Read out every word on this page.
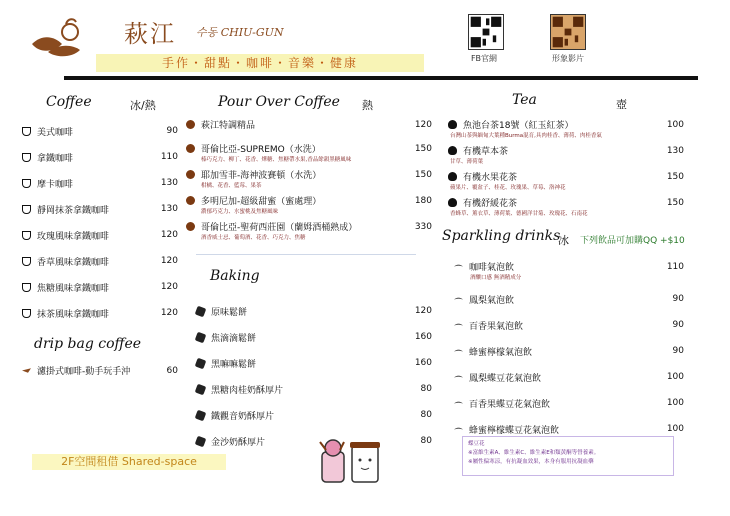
萩江 수동 CHIU-GUN
手作・甜點・咖啡・音樂・健康	FB官網	形象影片
Coffee	冰/熱
美式咖啡	90
拿鐵咖啡	110
摩卡咖啡	130
靜岡抹茶拿鐵咖啡	130
玫瑰風味拿鐵咖啡	120
香草風味拿鐵咖啡	120
焦糖風味拿鐵咖啡	120
抹茶風味拿鐵咖啡	120
drip bag coffee
濾掛式咖啡-動手玩手沖	60
2F空間租借 Shared-space
Pour Over Coffee 熱
萩江特調精品	120
哥倫比亞-SUPREMO（水洗）	150
榛巧克力、柳丁、花香、燁糖、焦糖帶水果,香品餘韻黑糖風味
耶加雪菲-海神波賽頓（水洗）	150
柑橘、花香、藍莓、果茶
多明尼加-超級甜蜜（蜜處理）	180
濃郁巧克力、水蜜桃及焦糖風味
哥倫比亞-聖荷西莊園（蘭姆酒桶熟成）	330
酒香威士忌、葡萄酒、花香、巧克力、焦糖
Baking
原味鬆餅	120
焦滴滴鬆餅	160
黑嘛嘛鬆餅	160
黑糖肉桂奶酥厚片	80
鐵觀音奶酥厚片	80
金沙奶酥厚片	80
Tea	壺
魚池台茶18號（紅玉紅茶）	100
台灣山茶與緬甸大葉種Burma混育,具肉桂香、薄荷、肉桂香氣
有機草本茶	130
甘草、薄荷葉
有機水果花茶	150
蘋果片、覆盆子、桂花、玫瑰果、草莓、洛神花
有機舒緩花茶	150
香蜂草、薰衣草、薄荷葉、德國洋甘菊、玫瑰花、石南花
Sparkling drinks
冰 下列飲品可加購QQ +$10
咖啡氣泡飲	110
酒釀口感 無酒精成分
鳳梨氣泡飲	90
百香果氣泡飲	90
蜂蜜檸檬氣泡飲	90
鳳梨蝶豆花氣泡飲	100
百香果蝶豆花氣泡飲	100
蜂蜜檸檬蝶豆花氣泡飲	100
蝶豆花
※富維生素A、維生素C、維生素E和類黃酮等營養素。
※屬性偏寒涼，有抗凝血效果，本身有服用抗凝血藥
